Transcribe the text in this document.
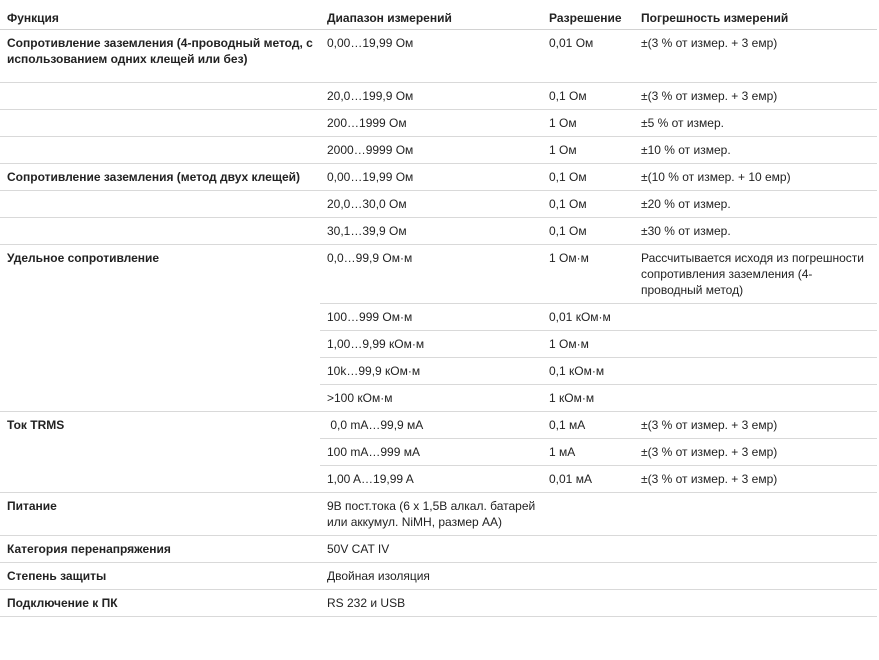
Функция	Диапазон измерений	Разрешение	Погрешность измерений
Сопротивление заземления (4-проводный метод, с использованием одних клещей или без)	0,00…19,99 Ом	0,01 Ом	±(3 % от измер. + 3 емр)
	20,0…199,9 Ом	0,1 Ом	±(3 % от измер. + 3 емр)
	200…1999 Ом	1 Ом	±5 % от измер.
	2000…9999 Ом	1 Ом	±10 % от измер.
Сопротивление заземления (метод двух клещей)	0,00…19,99 Ом	0,1 Ом	±(10 % от измер. + 10 емр)
	20,0…30,0 Ом	0,1 Ом	±20 % от измер.
	30,1…39,9 Ом	0,1 Ом	±30 % от измер.
Удельное сопротивление	0,0…99,9 Ом·м	1 Ом·м	Рассчитывается исходя из погрешности сопротивления заземления (4-проводный метод)
	100…999 Ом·м	0,01 кОм·м	
	1,00…9,99 кОм·м	1 Ом·м	
	10k…99,9 кОм·м	0,1 кОм·м	
	>100 кОм·м	1 кОм·м	
Ток TRMS	0,0 mA…99,9 мА	0,1 мА	±(3 % от измер. + 3 емр)
	100 mA…999 мА	1 мА	±(3 % от измер. + 3 емр)
	1,00 A…19,99 A	0,01 мА	±(3 % от измер. + 3 емр)
Питание	9В пост.тока (6 x 1,5В алкал. батарей или аккумул. NiMH, размер AA)		
Категория перенапряжения	50V CAT IV		
Степень защиты	Двойная изоляция		
Подключение к ПК	RS 232 и USB		
